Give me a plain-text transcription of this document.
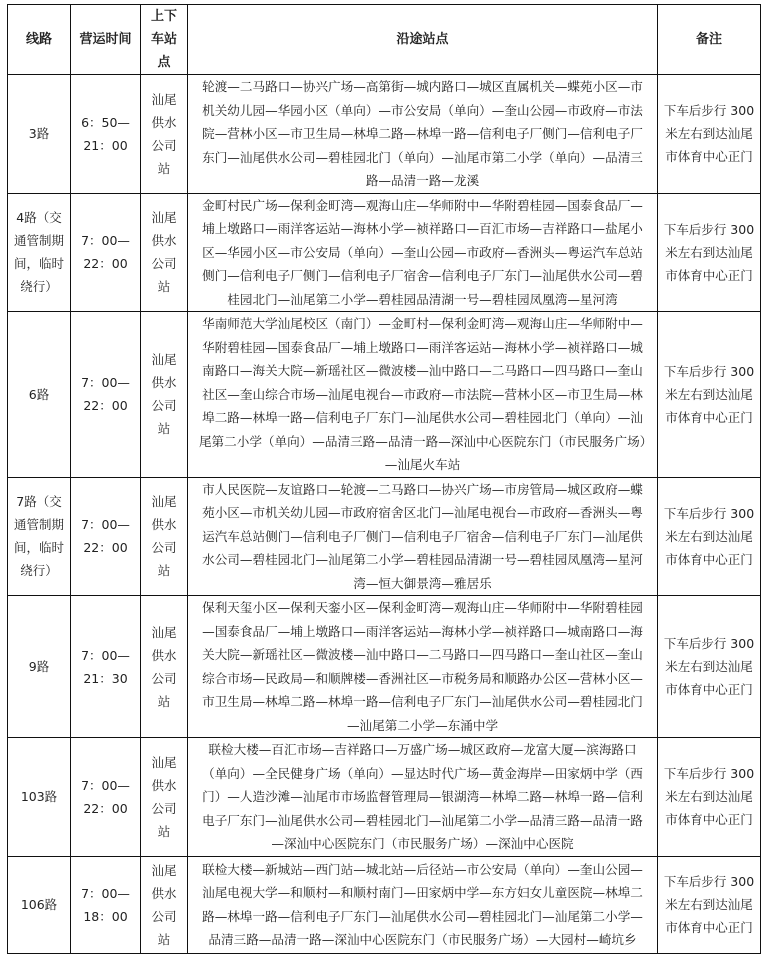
线路	营运时间	上下车站点	沿途站点	备注
3路	6：50—21：00	汕尾供水公司站	轮渡—二马路口—协兴广场—高第街—城内路口—城区直属机关—蝶苑小区—市机关幼儿园—华园小区（单向）—市公安局（单向）—奎山公园—市政府—市法院—营林小区—市卫生局—林埠二路—林埠一路—信利电子厂侧门—信利电子厂东门—汕尾供水公司—碧桂园北门（单向）—汕尾市第二小学（单向）—品清三路—品清一路—龙溪	下车后步行 300米左右到达汕尾市体育中心正门
4路（交通管制期间，临时绕行）	7：00—22：00	汕尾供水公司站	金町村民广场—保利金町湾—观海山庄—华师附中—华附碧桂园—国泰食品厂—埔上墩路口—雨洋客运站—海林小学—祯祥路口—百汇市场—吉祥路口—盐尾小区—华园小区—市公安局（单向）—奎山公园—市政府—香洲头—粤运汽车总站侧门—信利电子厂侧门—信利电子厂宿舍—信利电子厂东门—汕尾供水公司—碧桂园北门—汕尾第二小学—碧桂园品清湖一号—碧桂园凤凰湾—星河湾	下车后步行 300米左右到达汕尾市体育中心正门
6路	7：00—22：00	汕尾供水公司站	华南师范大学汕尾校区（南门）—金町村—保利金町湾—观海山庄—华师附中—华附碧桂园—国泰食品厂—埔上墩路口—雨洋客运站—海林小学—祯祥路口—城南路口—海关大院—新瑶社区—微波楼—汕中路口—二马路口—四马路口—奎山社区—奎山综合市场—汕尾电视台—市政府—市法院—营林小区—市卫生局—林埠二路—林埠一路—信利电子厂东门—汕尾供水公司—碧桂园北门（单向）—汕尾第二小学（单向）—品清三路—品清一路—深汕中心医院东门（市民服务广场）—汕尾火车站	下车后步行 300米左右到达汕尾市体育中心正门
7路（交通管制期间，临时绕行）	7：00—22：00	汕尾供水公司站	市人民医院—友谊路口—轮渡—二马路口—协兴广场—市房管局—城区政府—蝶苑小区—市机关幼儿园—市政府宿舍区北门—汕尾电视台—市政府—香洲头—粤运汽车总站侧门—信利电子厂侧门—信利电子厂宿舍—信利电子厂东门—汕尾供水公司—碧桂园北门—汕尾第二小学—碧桂园品清湖一号—碧桂园凤凰湾—星河湾—恒大御景湾—雅居乐	下车后步行 300米左右到达汕尾市体育中心正门
9路	7：00—21：30	汕尾供水公司站	保利天玺小区—保利天銮小区—保利金町湾—观海山庄—华师附中—华附碧桂园—国泰食品厂—埔上墩路口—雨洋客运站—海林小学—祯祥路口—城南路口—海关大院—新瑶社区—微波楼—汕中路口—二马路口—四马路口—奎山社区—奎山综合市场—民政局—和顺牌楼—香洲社区—市税务局和顺路办公区—营林小区—市卫生局—林埠二路—林埠一路—信利电子厂东门—汕尾供水公司—碧桂园北门—汕尾第二小学—东涌中学	下车后步行 300米左右到达汕尾市体育中心正门
103路	7：00—22：00	汕尾供水公司站	联检大楼—百汇市场—吉祥路口—万盛广场—城区政府—龙富大厦—滨海路口（单向）—全民健身广场（单向）—显达时代广场—黄金海岸—田家炳中学（西门）—人造沙滩—汕尾市市场监督管理局—银湖湾—林埠二路—林埠一路—信利电子厂东门—汕尾供水公司—碧桂园北门—汕尾第二小学—品清三路—品清一路—深汕中心医院东门（市民服务广场）—深汕中心医院	下车后步行 300米左右到达汕尾市体育中心正门
106路	7：00—18：00	汕尾供水公司站	联检大楼—新城站—西门站—城北站—后径站—市公安局（单向）—奎山公园—汕尾电视大学—和顺村—和顺村南门—田家炳中学—东方妇女儿童医院—林埠二路—林埠一路—信利电子厂东门—汕尾供水公司—碧桂园北门—汕尾第二小学—品清三路—品清一路—深汕中心医院东门（市民服务广场）—大园村—崎坑乡	下车后步行 300米左右到达汕尾市体育中心正门
